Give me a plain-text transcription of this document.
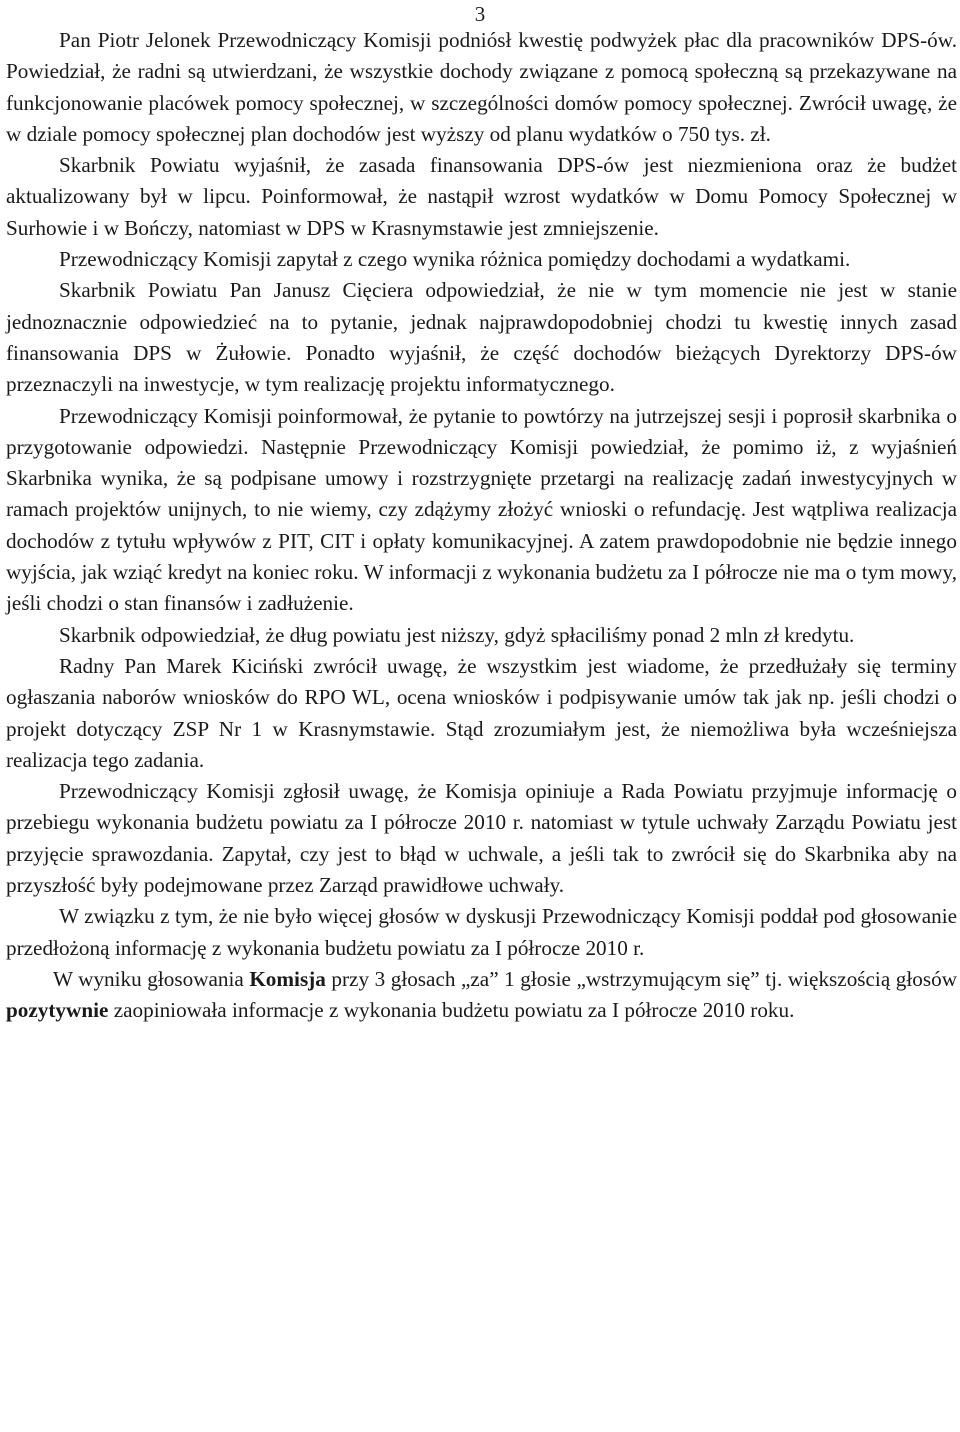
3

Pan Piotr Jelonek Przewodniczący Komisji podniósł kwestię podwyżek płac dla pracowników DPS-ów. Powiedział, że radni są utwierdzani, że wszystkie dochody związane z pomocą społeczną są przekazywane na funkcjonowanie placówek pomocy społecznej, w szczególności domów pomocy społecznej. Zwrócił uwagę, że w dziale pomocy społecznej plan dochodów jest wyższy od planu wydatków o 750 tys. zł.

Skarbnik Powiatu wyjaśnił, że zasada finansowania DPS-ów jest niezmieniona oraz że budżet aktualizowany był w lipcu. Poinformował, że nastąpił wzrost wydatków w Domu Pomocy Społecznej w Surhowie i w Bończy, natomiast w DPS w Krasnymstawie jest zmniejszenie.

Przewodniczący Komisji zapytał z czego wynika różnica pomiędzy dochodami a wydatkami.

Skarbnik Powiatu Pan Janusz Cięciera odpowiedział, że nie w tym momencie nie jest w stanie jednoznacznie odpowiedzieć na to pytanie, jednak najprawdopodobniej chodzi tu kwestię innych zasad finansowania DPS w Żułowie. Ponadto wyjaśnił, że część dochodów bieżących Dyrektorzy DPS-ów przeznaczyli na inwestycje, w tym realizację projektu informatycznego.

Przewodniczący Komisji poinformował, że pytanie to powtórzy na jutrzejszej sesji i poprosił skarbnika o przygotowanie odpowiedzi. Następnie Przewodniczący Komisji powiedział, że pomimo iż, z wyjaśnień Skarbnika wynika, że są podpisane umowy i rozstrzygnięte przetargi na realizację zadań inwestycyjnych w ramach projektów unijnych, to nie wiemy, czy zdążymy złożyć wnioski o refundację. Jest wątpliwa realizacja dochodów z tytułu wpływów z PIT, CIT i opłaty komunikacyjnej. A zatem prawdopodobnie nie będzie innego wyjścia, jak wziąć kredyt na koniec roku. W informacji z wykonania budżetu za I półrocze nie ma o tym mowy, jeśli chodzi o stan finansów i zadłużenie.

Skarbnik odpowiedział, że dług powiatu jest niższy, gdyż spłaciliśmy ponad 2 mln zł kredytu.

Radny Pan Marek Kiciński zwrócił uwagę, że wszystkim jest wiadome, że przedłużały się terminy ogłaszania naborów wniosków do RPO WL, ocena wniosków i podpisywanie umów tak jak np. jeśli chodzi o projekt dotyczący ZSP Nr 1 w Krasnymstawie. Stąd zrozumiałym jest, że niemożliwa była wcześniejsza realizacja tego zadania.

Przewodniczący Komisji zgłosił uwagę, że Komisja opiniuje a Rada Powiatu przyjmuje informację o przebiegu wykonania budżetu powiatu za I półrocze 2010 r. natomiast w tytule uchwały Zarządu Powiatu jest przyjęcie sprawozdania. Zapytał, czy jest to błąd w uchwale, a jeśli tak to zwrócił się do Skarbnika aby na przyszłość były podejmowane przez Zarząd prawidłowe uchwały.

W związku z tym, że nie było więcej głosów w dyskusji Przewodniczący Komisji poddał pod głosowanie przedłożoną informację z wykonania budżetu powiatu za I półrocze 2010 r.

W wyniku głosowania Komisja przy 3 głosach „za” 1 głosie „wstrzymującym się” tj. większością głosów pozytywnie zaopiniowała informacje z wykonania budżetu powiatu za I półrocze 2010 roku.
